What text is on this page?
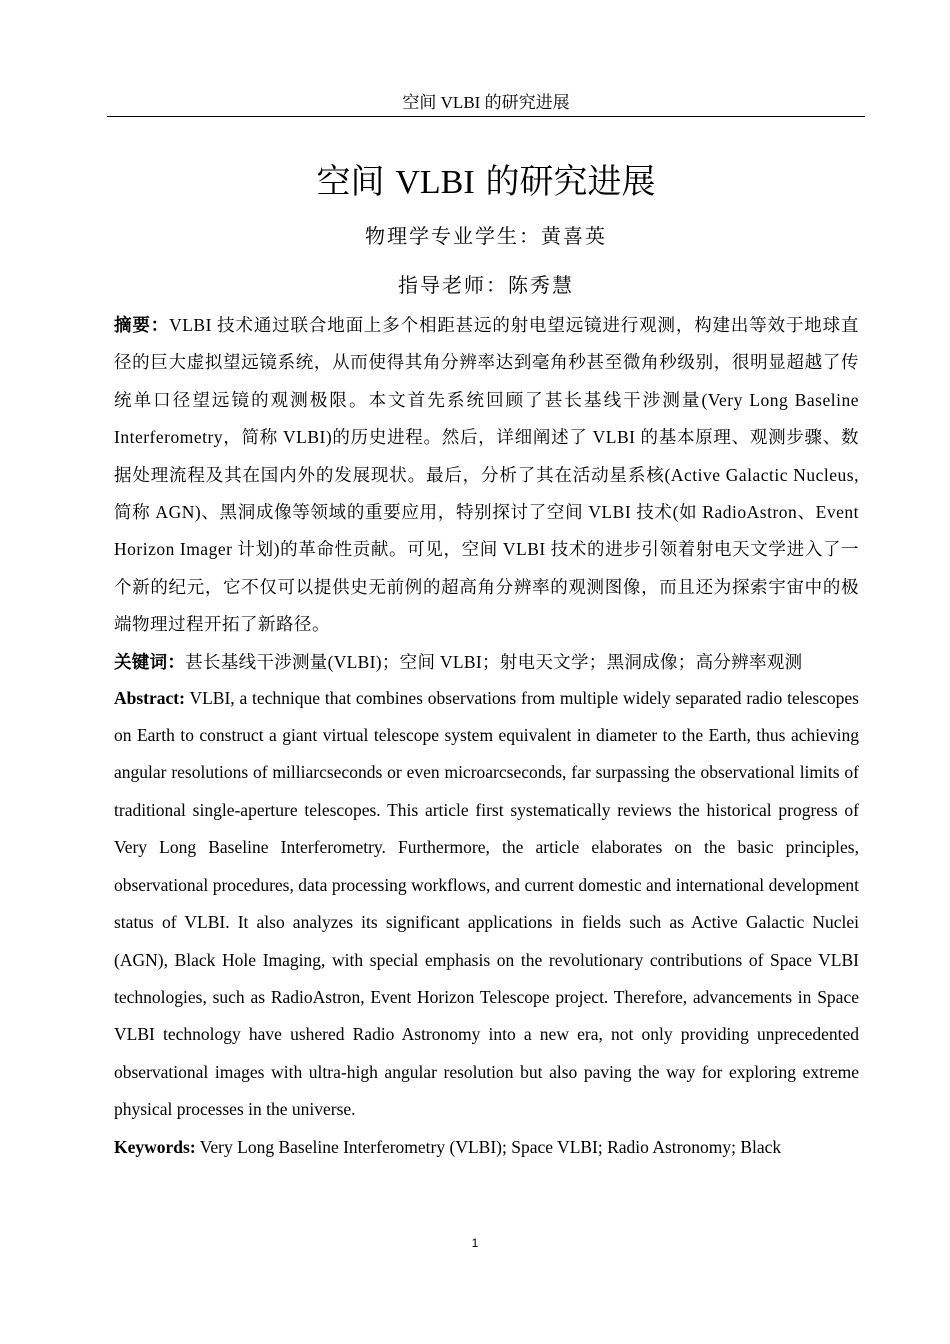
空间 VLBI 的研究进展
空间 VLBI 的研究进展
物理学专业学生：黄喜英
指导老师：陈秀慧

摘要：VLBI 技术通过联合地面上多个相距甚远的射电望远镜进行观测，构建出等效于地球直径的巨大虚拟望远镜系统，从而使得其角分辨率达到毫角秒甚至微角秒级别，很明显超越了传统单口径望远镜的观测极限。本文首先系统回顾了甚长基线干涉测量(Very Long Baseline Interferometry，简称 VLBI)的历史进程。然后，详细阐述了 VLBI 的基本原理、观测步骤、数据处理流程及其在国内外的发展现状。最后，分析了其在活动星系核(Active Galactic Nucleus, 简称 AGN)、黑洞成像等领域的重要应用，特别探讨了空间 VLBI 技术(如 RadioAstron、Event Horizon Imager 计划)的革命性贡献。可见，空间 VLBI 技术的进步引领着射电天文学进入了一个新的纪元，它不仅可以提供史无前例的超高角分辨率的观测图像，而且还为探索宇宙中的极端物理过程开拓了新路径。

关键词：甚长基线干涉测量(VLBI)；空间 VLBI；射电天文学；黑洞成像；高分辨率观测

Abstract: VLBI, a technique that combines observations from multiple widely separated radio telescopes on Earth to construct a giant virtual telescope system equivalent in diameter to the Earth, thus achieving angular resolutions of milliarcseconds or even microarcseconds, far surpassing the observational limits of traditional single-aperture telescopes. This article first systematically reviews the historical progress of Very Long Baseline Interferometry. Furthermore, the article elaborates on the basic principles, observational procedures, data processing workflows, and current domestic and international development status of VLBI. It also analyzes its significant applications in fields such as Active Galactic Nuclei (AGN), Black Hole Imaging, with special emphasis on the revolutionary contributions of Space VLBI technologies, such as RadioAstron, Event Horizon Telescope project. Therefore, advancements in Space VLBI technology have ushered Radio Astronomy into a new era, not only providing unprecedented observational images with ultra-high angular resolution but also paving the way for exploring extreme physical processes in the universe.

Keywords: Very Long Baseline Interferometry (VLBI); Space VLBI; Radio Astronomy; Black

1
